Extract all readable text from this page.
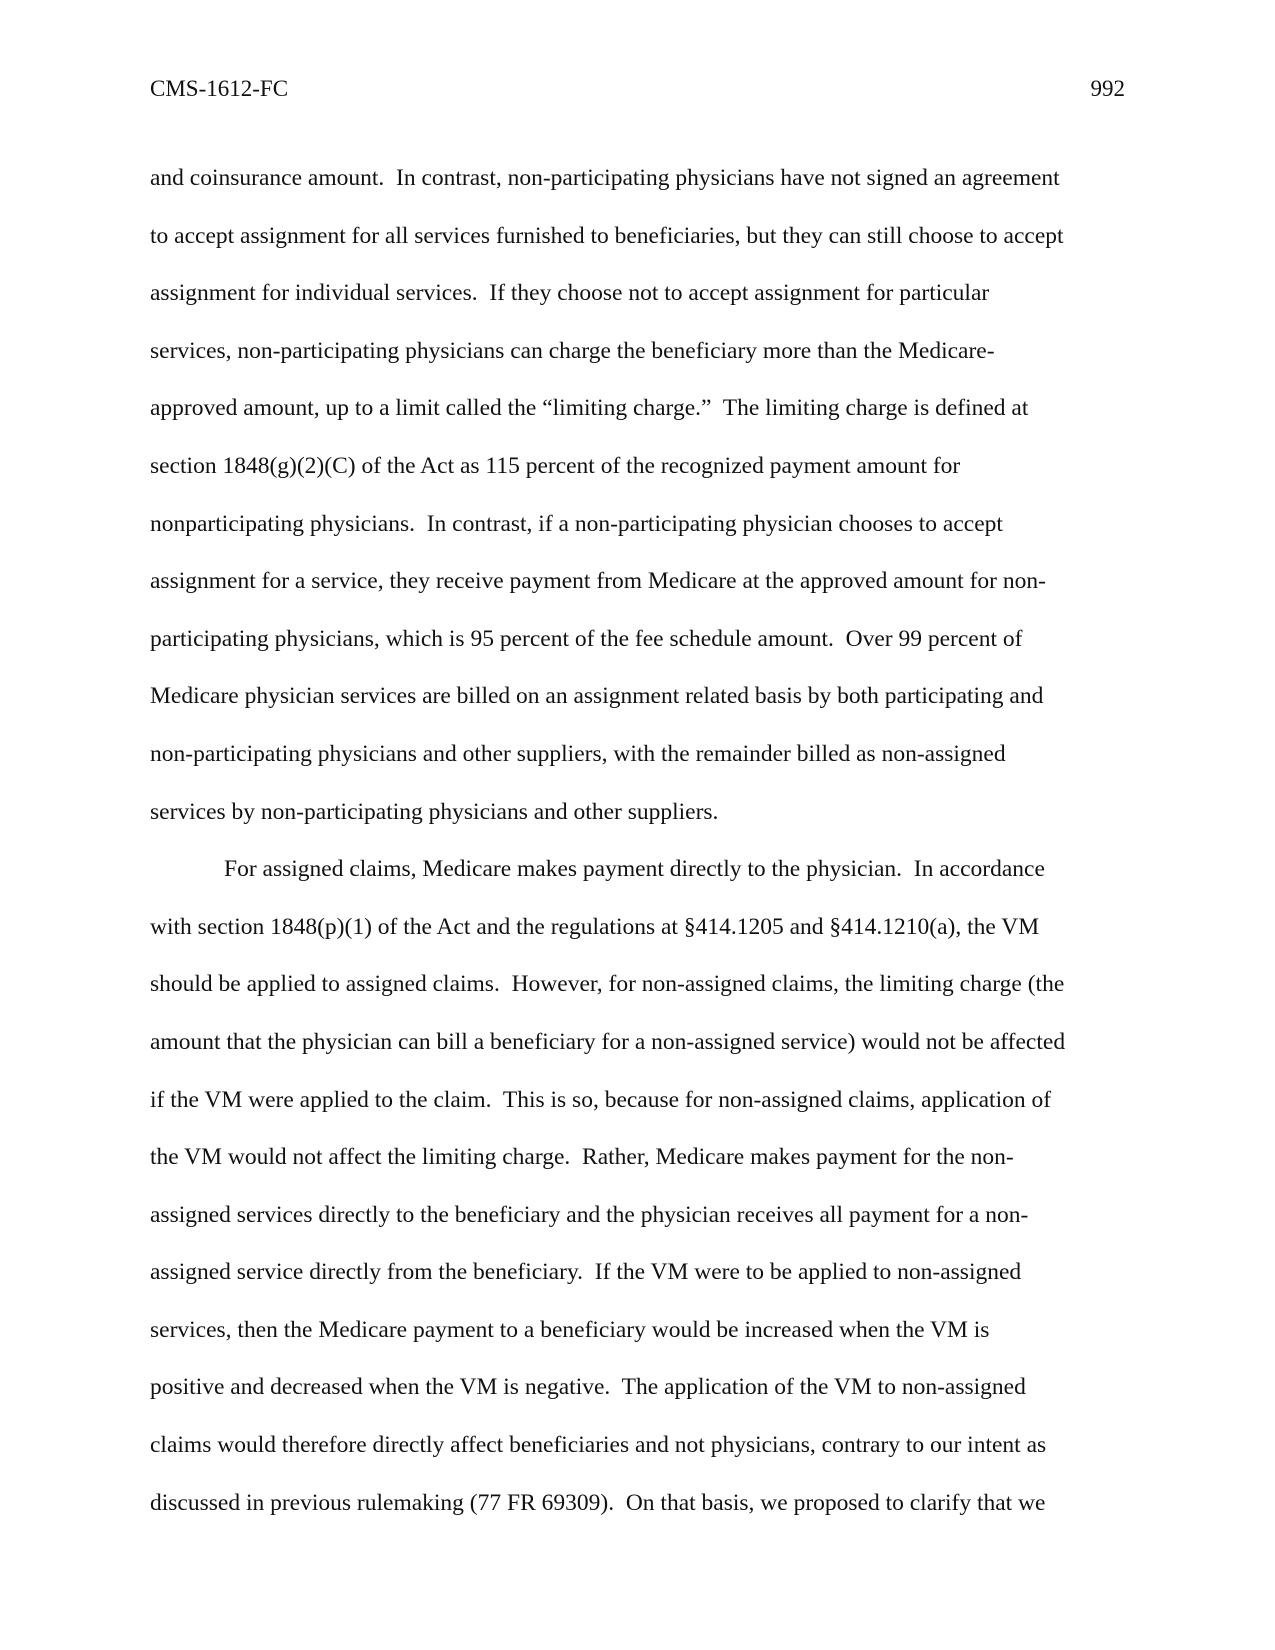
CMS-1612-FC	992
and coinsurance amount.  In contrast, non-participating physicians have not signed an agreement
to accept assignment for all services furnished to beneficiaries, but they can still choose to accept
assignment for individual services.  If they choose not to accept assignment for particular
services, non-participating physicians can charge the beneficiary more than the Medicare-
approved amount, up to a limit called the “limiting charge.”  The limiting charge is defined at
section 1848(g)(2)(C) of the Act as 115 percent of the recognized payment amount for
nonparticipating physicians.  In contrast, if a non-participating physician chooses to accept
assignment for a service, they receive payment from Medicare at the approved amount for non-
participating physicians, which is 95 percent of the fee schedule amount.  Over 99 percent of
Medicare physician services are billed on an assignment related basis by both participating and
non-participating physicians and other suppliers, with the remainder billed as non-assigned
services by non-participating physicians and other suppliers.
For assigned claims, Medicare makes payment directly to the physician.  In accordance
with section 1848(p)(1) of the Act and the regulations at §414.1205 and §414.1210(a), the VM
should be applied to assigned claims.  However, for non-assigned claims, the limiting charge (the
amount that the physician can bill a beneficiary for a non-assigned service) would not be affected
if the VM were applied to the claim.  This is so, because for non-assigned claims, application of
the VM would not affect the limiting charge.  Rather, Medicare makes payment for the non-
assigned services directly to the beneficiary and the physician receives all payment for a non-
assigned service directly from the beneficiary.  If the VM were to be applied to non-assigned
services, then the Medicare payment to a beneficiary would be increased when the VM is
positive and decreased when the VM is negative.  The application of the VM to non-assigned
claims would therefore directly affect beneficiaries and not physicians, contrary to our intent as
discussed in previous rulemaking (77 FR 69309).  On that basis, we proposed to clarify that we
